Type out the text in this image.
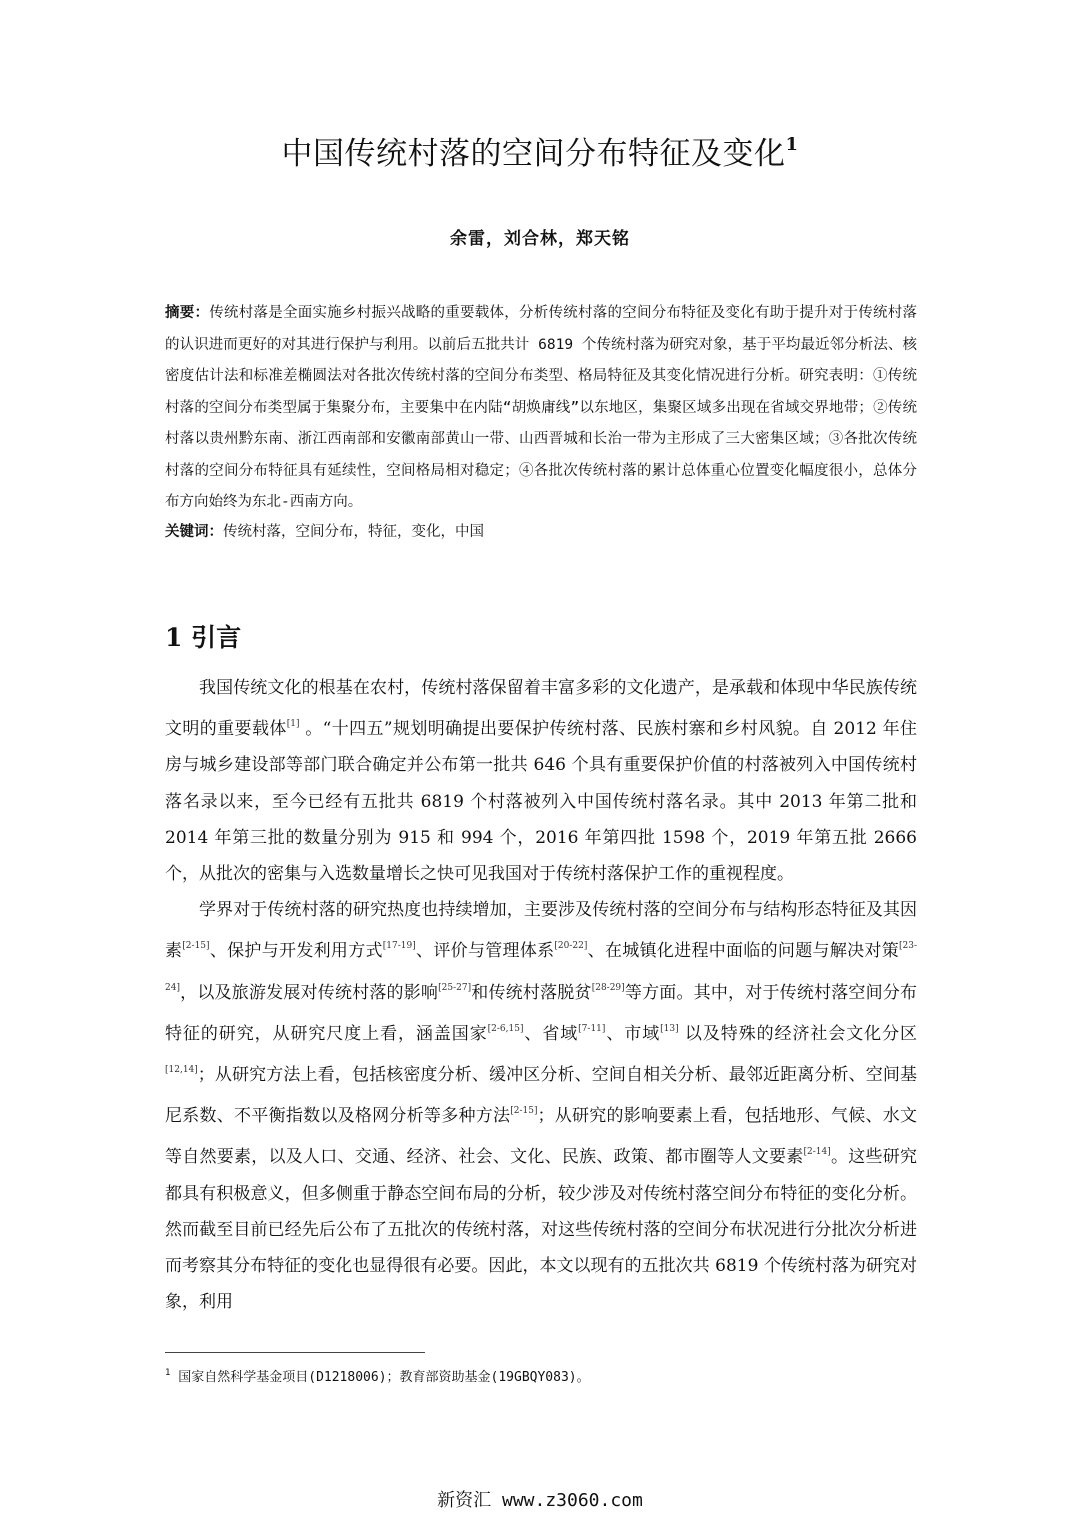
中国传统村落的空间分布特征及变化$^1$
余雷，刘合林，郑天铭
摘要：传统村落是全面实施乡村振兴战略的重要载体，分析传统村落的空间分布特征及变化有助于提升对于传统村落的认识进而更好的对其进行保护与利用。以前后五批共计 6819 个传统村落为研究对象，基于平均最近邻分析法、核密度估计法和标准差椭圆法对各批次传统村落的空间分布类型、格局特征及其变化情况进行分析。研究表明：①传统村落的空间分布类型属于集聚分布，主要集中在内陆“胡焕庸线”以东地区，集聚区域多出现在省域交界地带；②传统村落以贵州黔东南、浙江西南部和安徽南部黄山一带、山西晋城和长治一带为主形成了三大密集区域；③各批次传统村落的空间分布特征具有延续性，空间格局相对稳定；④各批次传统村落的累计总体重心位置变化幅度很小，总体分布方向始终为东北-西南方向。
关键词：传统村落，空间分布，特征，变化，中国
1 引言

我国传统文化的根基在农村，传统村落保留着丰富多彩的文化遗产，是承载和体现中华民族传统文明的重要载体[1] 。“十四五”规划明确提出要保护传统村落、民族村寨和乡村风貌。自 2012 年住房与城乡建设部等部门联合确定并公布第一批共 646 个具有重要保护价值的村落被列入中国传统村落名录以来，至今已经有五批共 6819 个村落被列入中国传统村落名录。其中 2013 年第二批和 2014 年第三批的数量分别为 915 和 994 个，2016 年第四批 1598 个，2019 年第五批 2666 个，从批次的密集与入选数量增长之快可见我国对于传统村落保护工作的重视程度。

学界对于传统村落的研究热度也持续增加，主要涉及传统村落的空间分布与结构形态特征及其因素[2-15]、保护与开发利用方式[17-19]、评价与管理体系[20-22]、在城镇化进程中面临的问题与解决对策[23-24]，以及旅游发展对传统村落的影响[25-27]和传统村落脱贫[28-29]等方面。其中，对于传统村落空间分布特征的研究，从研究尺度上看，涵盖国家[2-6,15]、省域[7-11]、市域[13] 以及特殊的经济社会文化分区[12,14]；从研究方法上看，包括核密度分析、缓冲区分析、空间自相关分析、最邻近距离分析、空间基尼系数、不平衡指数以及格网分析等多种方法[2-15]；从研究的影响要素上看，包括地形、气候、水文等自然要素，以及人口、交通、经济、社会、文化、民族、政策、都市圈等人文要素[2-14]。这些研究都具有积极意义，但多侧重于静态空间布局的分析，较少涉及对传统村落空间分布特征的变化分析。然而截至目前已经先后公布了五批次的传统村落，对这些传统村落的空间分布状况进行分批次分析进而考察其分布特征的变化也显得很有必要。因此，本文以现有的五批次共 6819 个传统村落为研究对象，利用

$^1$ 国家自然科学基金项目(D1218006)；教育部资助基金(19GBQY083)。
新资汇 www.z3060.com
